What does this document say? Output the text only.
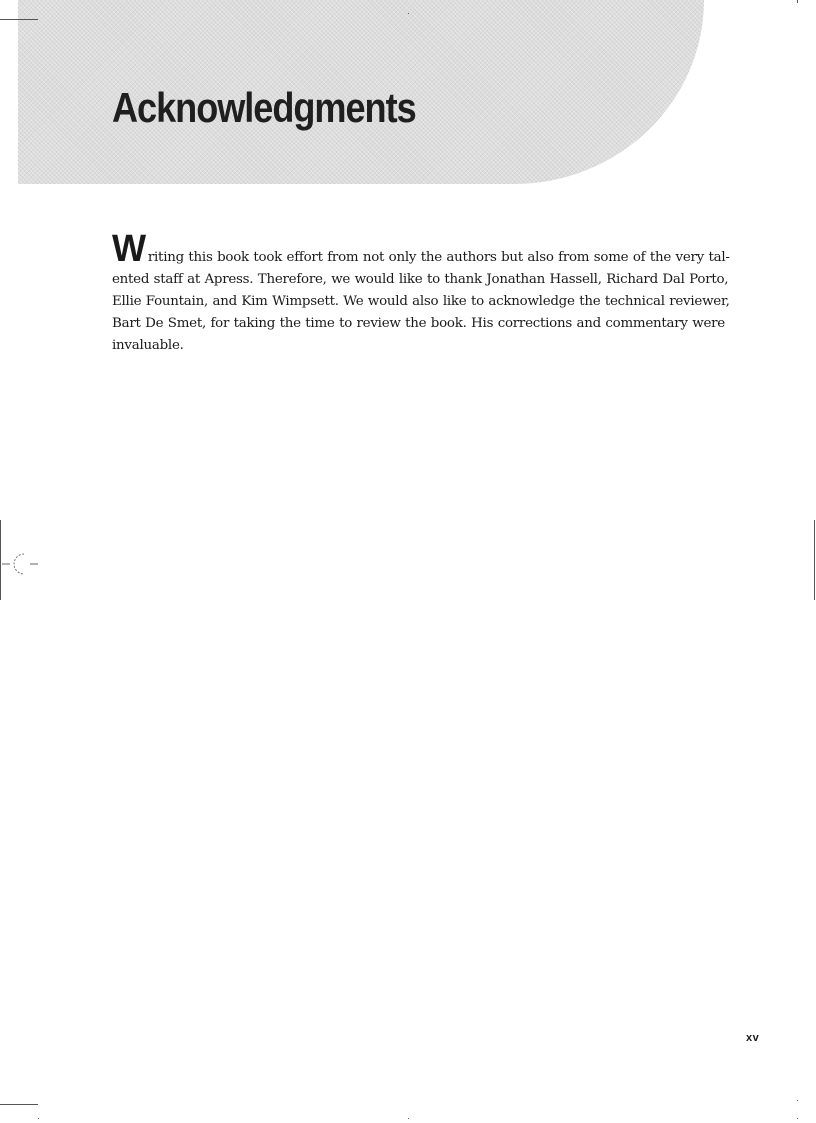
Acknowledgments
Writing this book took effort from not only the authors but also from some of the very tal-
ented staff at Apress. Therefore, we would like to thank Jonathan Hassell, Richard Dal Porto,
Ellie Fountain, and Kim Wimpsett. We would also like to acknowledge the technical reviewer,
Bart De Smet, for taking the time to review the book. His corrections and commentary were
invaluable.
xv
